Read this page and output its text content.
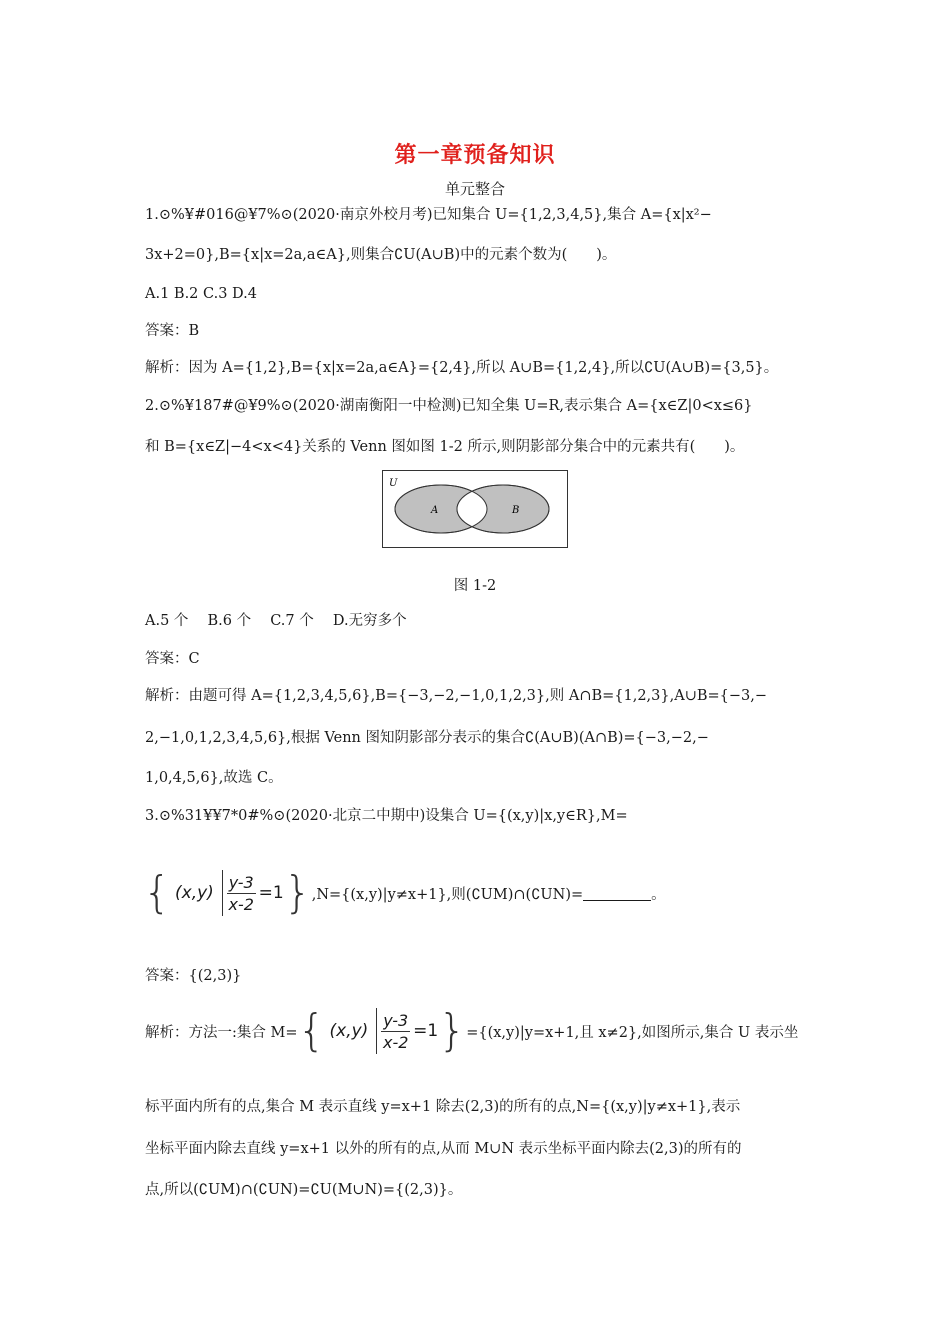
第一章预备知识
单元整合
1.⊙%¥#016@¥7%⊙(2020·南京外校月考)已知集合 U={1,2,3,4,5},集合 A={x|x²−
3x+2=0},B={x|x=2a,a∈A},则集合∁U(A∪B)中的元素个数为(　　)。
A.1 B.2 C.3 D.4
答案：B
解析：因为 A={1,2},B={x|x=2a,a∈A}={2,4},所以 A∪B={1,2,4},所以∁U(A∪B)={3,5}。
2.⊙%¥187#@¥9%⊙(2020·湖南衡阳一中检测)已知全集 U=R,表示集合 A={x∈Z|0<x≤6}
和 B={x∈Z|−4<x<4}关系的 Venn 图如图 1-2 所示,则阴影部分集合中的元素共有(　　)。
U
A	B
图 1-2
A.5 个　 B.6 个　 C.7 个　 D.无穷多个
答案：C
解析：由题可得 A={1,2,3,4,5,6},B={−3,−2,−1,0,1,2,3},则 A∩B={1,2,3},A∪B={−3,−
2,−1,0,1,2,3,4,5,6},根据 Venn 图知阴影部分表示的集合∁(A∪B)(A∩B)={−3,−2,−
1,0,4,5,6},故选 C。
3.⊙%31¥¥7*0#%⊙(2020·北京二中期中)设集合 U={(x,y)|x,y∈R},M=
{ $(x,y) \frac{y-3}{x-2} =1$ } ,N={(x,y)|y≠x+1},则(∁UM)∩(∁UN)=	。
答案：{(2,3)}
解析：方法一:集合 M= { $(x,y) \frac{y-3}{x-2} =1$ } ={(x,y)|y=x+1,且 x≠2},如图所示,集合 U 表示坐
标平面内所有的点,集合 M 表示直线 y=x+1 除去(2,3)的所有的点,N={(x,y)|y≠x+1},表示
坐标平面内除去直线 y=x+1 以外的所有的点,从而 M∪N 表示坐标平面内除去(2,3)的所有的
点,所以(∁UM)∩(∁UN)=∁U(M∪N)={(2,3)}。
